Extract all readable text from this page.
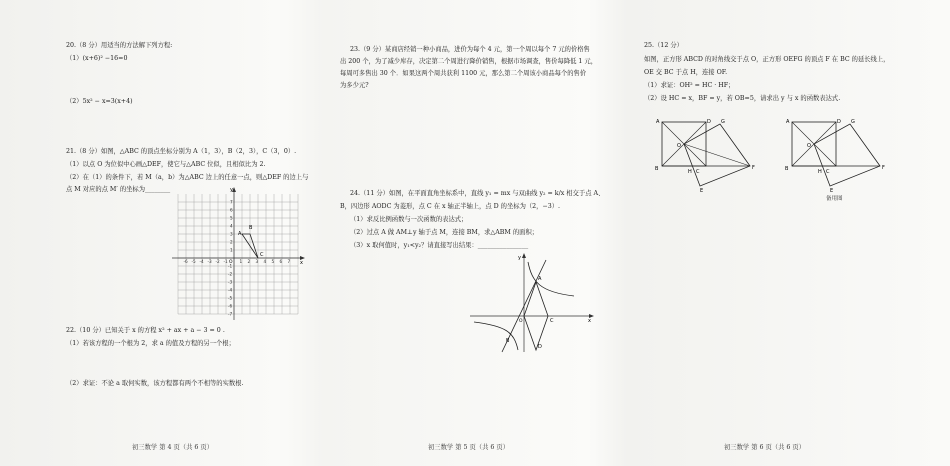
20.（8 分）用适当的方法解下列方程:
（1）(x+6)² −16=0
（2）5x² − x=3(x+4)
21.（8 分）如图，△ABC 的顶点坐标分别为 A（1，3），B（2，3），C（3，0）.
（1）以点 O 为位似中心画△DEF，使它与△ABC 位似，且相似比为 2.
（2）在（1）的条件下，若 M（a，b）为△ABC 边上的任意一点，则△DEF 的边上与
点 M 对应的点 M′ 的坐标为________
-6 -5 -4 -3 -2 -1	1 2 3 4 5 6 7
7
6
5
4
3
2
1
-1
-2
-3
-4
-5
-6
-7
y
x
O
A
B
C
22.（10 分）已知关于 x 的方程 x² + ax + a − 3 = 0 .
（1）若该方程的一个根为 2，求 a 的值及方程的另一个根；
（2）求证：不论 a 取何实数，该方程都有两个不相等的实数根.
初三数学 第 4 页（共 6 页）
23.（9 分）某商店经销一种小商品，进价为每个 4 元，第一个周以每个 7 元的价格售
出 200 个，为了减少库存，决定第二个周进行降价销售，根据市场调查，售价每降低 1 元，
每周可多售出 30 个．如果这两个周共获利 1100 元，那么第二个周该小商品每个的售价
为多少元?
24.（11 分）如图，在平面直角坐标系中，直线 y₁ = mx 与双曲线 y₂ = k/x 相交于点 A、
B，四边形 AODC 为菱形，点 C 在 x 轴正半轴上，点 D 的坐标为（2，−3）.
（1）求反比例函数与一次函数的表达式；
（2）过点 A 做 AM⊥y 轴于点 M，连接 BM，求△ABM 的面积；
（3）x 取何值时，y₁<y₂？请直接写出结果：________________
y
x
O
A
B
C
D
初三数学 第 5 页（共 6 页）
25.（12 分）
如图，正方形 ABCD 的对角线交于点 O，正方形 OEFG 的顶点 F 在 BC 的延长线上，
OE 交 BC 于点 H，连接 OF.
（1）求证：OH² = HC · HF；
（2）设 HC = x，BF = y，若 OB=5，请求出 y 与 x 的函数表达式.
A
B	C
D
E
F
G
H
O
A
B	C
D
E
F
G
H
O
备用图
初三数学 第 6 页（共 6 页）
